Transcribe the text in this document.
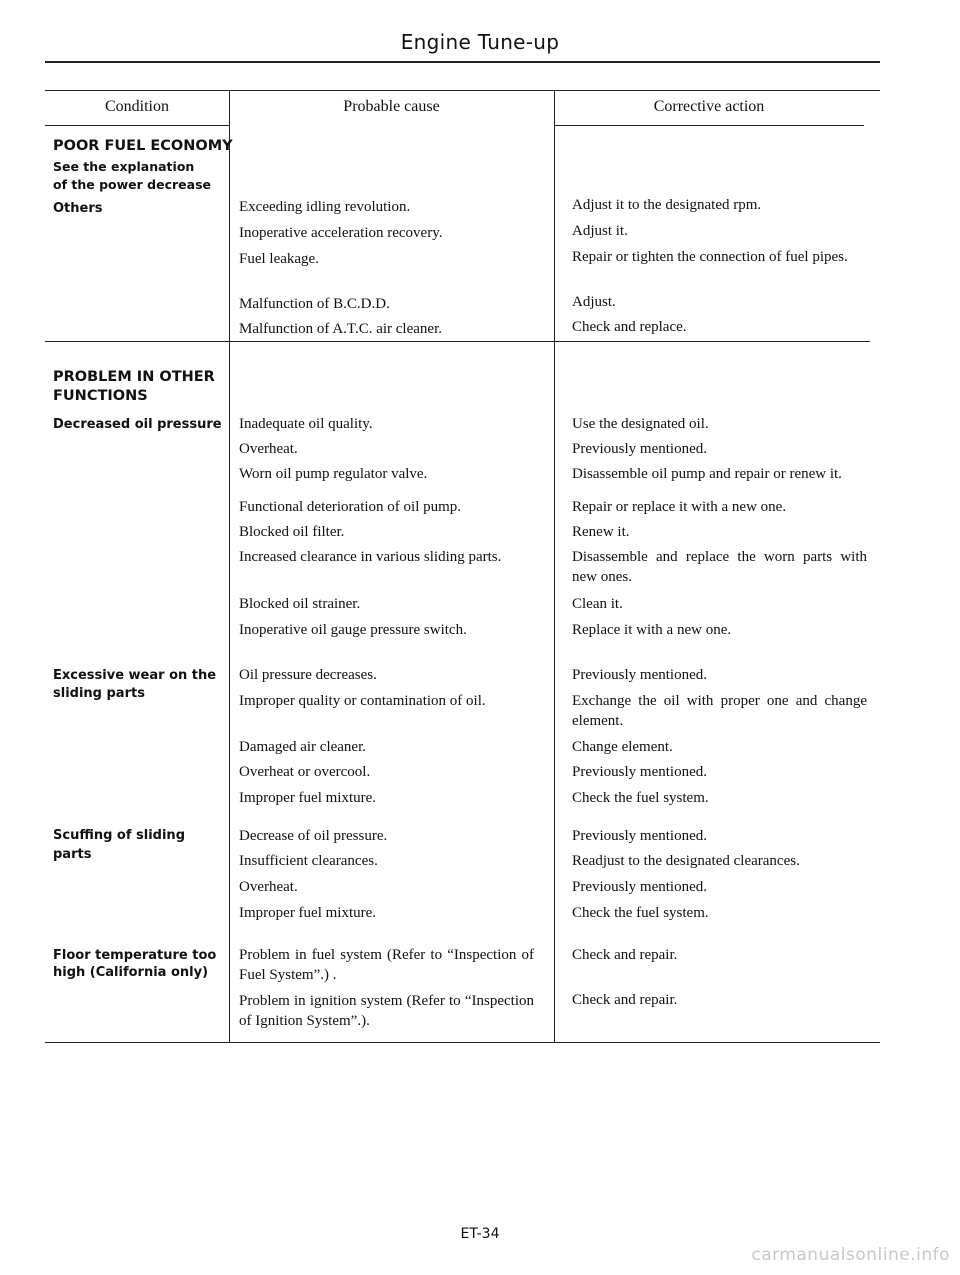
Engine Tune-up
Condition	Probable cause	Corrective action
POOR FUEL ECONOMY
See the explanation
of the power decrease
Others
PROBLEM IN OTHER
FUNCTIONS
Decreased oil pressure
Excessive wear on the
sliding parts
Scuffing of sliding
parts
Floor temperature too
high (California only)
Exceeding idling revolution.
Inoperative acceleration recovery.
Fuel leakage.
Malfunction of B.C.D.D.
Malfunction of A.T.C. air cleaner.
Inadequate oil quality.
Overheat.
Worn oil pump regulator valve.
Functional deterioration of oil pump.
Blocked oil filter.
Increased clearance in various sliding parts.
Blocked oil strainer.
Inoperative oil gauge pressure switch.
Oil pressure decreases.
Improper quality or contamination of oil.
Damaged air cleaner.
Overheat or overcool.
Improper fuel mixture.
Decrease of oil pressure.
Insufficient clearances.
Overheat.
Improper fuel mixture.
Problem in fuel system (Refer to “Inspection of Fuel System”.) .
Problem in ignition system (Refer to “Inspection of Ignition System”.).
Adjust it to the designated rpm.
Adjust it.
Repair or tighten the connection of fuel pipes.
Adjust.
Check and replace.
Use the designated oil.
Previously mentioned.
Disassemble oil pump and repair or renew it.
Repair or replace it with a new one.
Renew it.
Disassemble and replace the worn parts with new ones.
Clean it.
Replace it with a new one.
Previously mentioned.
Exchange the oil with proper one and change element.
Change element.
Previously mentioned.
Check the fuel system.
Previously mentioned.
Readjust to the designated clearances.
Previously mentioned.
Check the fuel system.
Check and repair.
Check and repair.
ET-34
carmanualsonline.info
